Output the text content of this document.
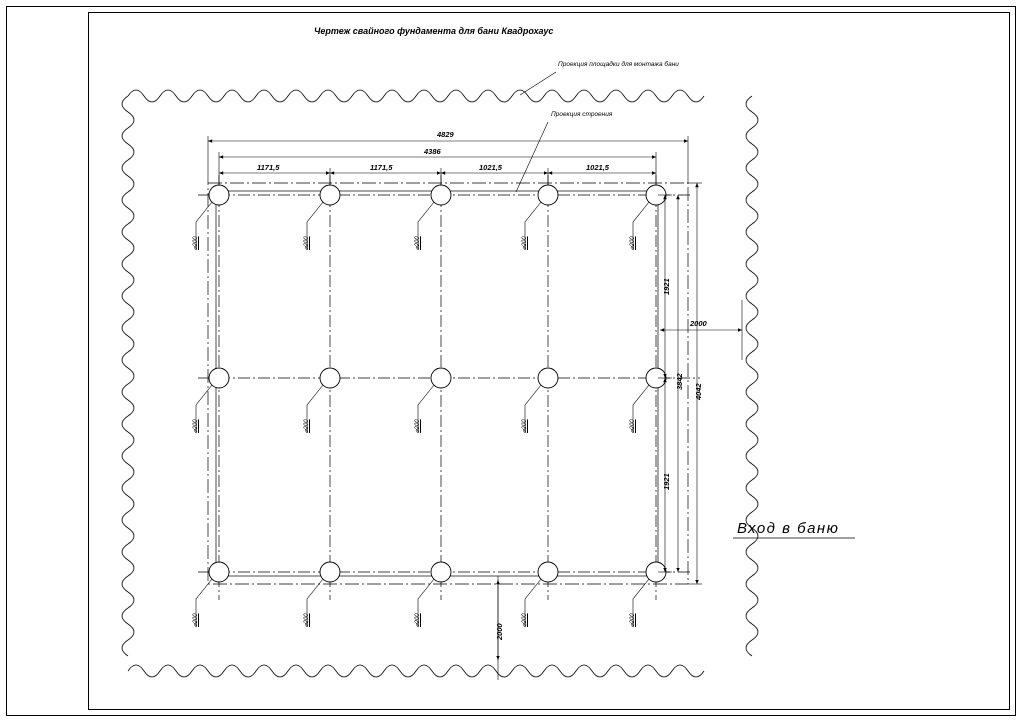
Чертеж свайного фундамента для бани Квадрохаус
Проекция площадки для монтажа бани
Проекция строения
4829
4386
1171,5	1171,5	1021,5	1021,5
1921
1921
3842
4042
2000
2000
⌀200	⌀200	⌀200	⌀200	⌀200
⌀200	⌀200	⌀200	⌀200	⌀200
⌀200	⌀200	⌀200	⌀200	⌀200
Вход в баню
